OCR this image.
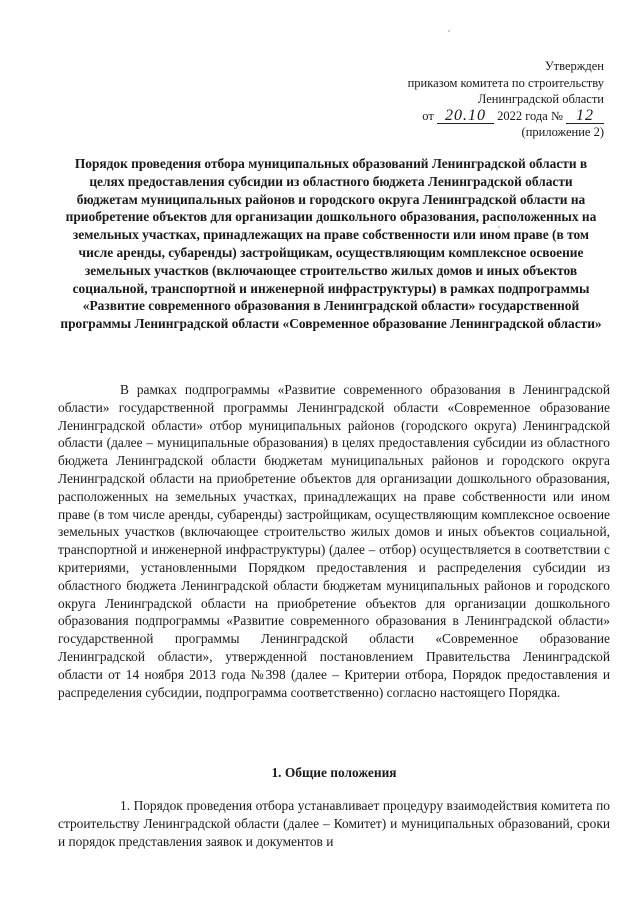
Утвержден
приказом комитета по строительству
Ленинградской области
от 20.10 2022 года № 12
(приложение 2)
Порядок проведения отбора муниципальных образований Ленинградской области в целях предоставления субсидии из областного бюджета Ленинградской области бюджетам муниципальных районов и городского округа Ленинградской области на приобретение объектов для организации дошкольного образования, расположенных на земельных участках, принадлежащих на праве собственности или ином праве (в том числе аренды, субаренды) застройщикам, осуществляющим комплексное освоение земельных участков (включающее строительство жилых домов и иных объектов социальной, транспортной и инженерной инфраструктуры) в рамках подпрограммы «Развитие современного образования в Ленинградской области» государственной программы Ленинградской области «Современное образование Ленинградской области»

В рамках подпрограммы «Развитие современного образования в Ленинградской области» государственной программы Ленинградской области «Современное образование Ленинградской области» отбор муниципальных районов (городского округа) Ленинградской области (далее – муниципальные образования) в целях предоставления субсидии из областного бюджета Ленинградской области бюджетам муниципальных районов и городского округа Ленинградской области на приобретение объектов для организации дошкольного образования, расположенных на земельных участках, принадлежащих на праве собственности или ином праве (в том числе аренды, субаренды) застройщикам, осуществляющим комплексное освоение земельных участков (включающее строительство жилых домов и иных объектов социальной, транспортной и инженерной инфраструктуры) (далее – отбор) осуществляется в соответствии с критериями, установленными Порядком предоставления и распределения субсидии из областного бюджета Ленинградской области бюджетам муниципальных районов и городского округа Ленинградской области на приобретение объектов для организации дошкольного образования подпрограммы «Развитие современного образования в Ленинградской области» государственной программы Ленинградской области «Современное образование Ленинградской области», утвержденной постановлением Правительства Ленинградской области от 14 ноября 2013 года №398 (далее – Критерии отбора, Порядок предоставления и распределения субсидии, подпрограмма соответственно) согласно настоящего Порядка.

1. Общие положения

1. Порядок проведения отбора устанавливает процедуру взаимодействия комитета по строительству Ленинградской области (далее – Комитет) и муниципальных образований, сроки и порядок представления заявок и документов и
